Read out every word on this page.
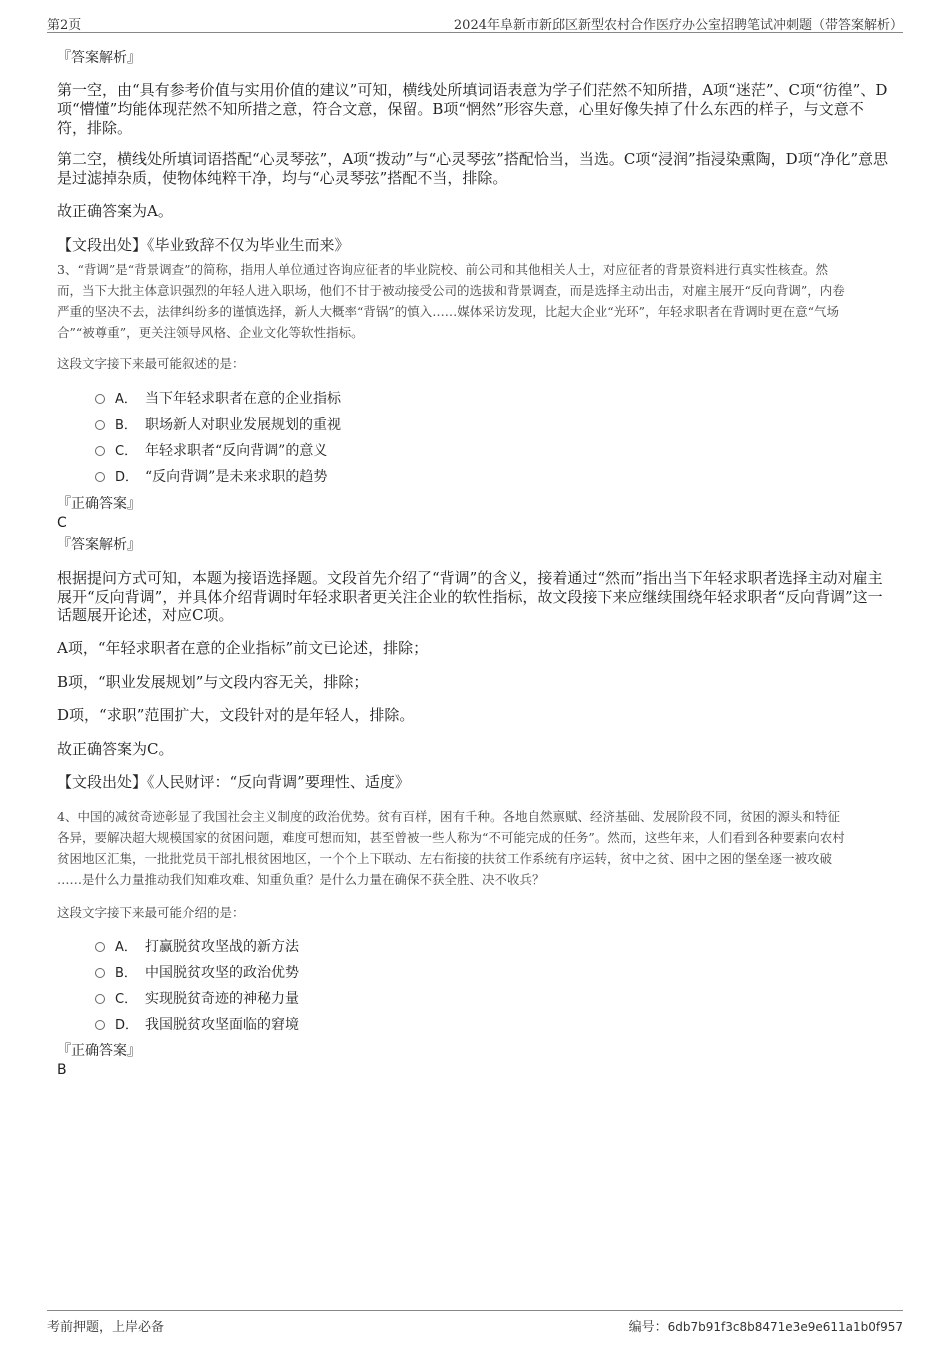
第2页	2024年阜新市新邱区新型农村合作医疗办公室招聘笔试冲刺题（带答案解析）
『答案解析』
第一空，由“具有参考价值与实用价值的建议”可知，横线处所填词语表意为学子们茫然不知所措，A项“迷茫”、C项“彷徨”、D
项“懵懂”均能体现茫然不知所措之意，符合文意，保留。B项“惘然”形容失意，心里好像失掉了什么东西的样子，与文意不
符，排除。
第二空，横线处所填词语搭配“心灵琴弦”，A项“拨动”与“心灵琴弦”搭配恰当，当选。C项“浸润”指浸染熏陶，D项“净化”意思
是过滤掉杂质，使物体纯粹干净，均与“心灵琴弦”搭配不当，排除。
故正确答案为A。
【文段出处】《毕业致辞不仅为毕业生而来》
3、“背调”是“背景调查”的简称，指用人单位通过咨询应征者的毕业院校、前公司和其他相关人士，对应征者的背景资料进行真实性核查。然
而，当下大批主体意识强烈的年轻人进入职场，他们不甘于被动接受公司的选拔和背景调查，而是选择主动出击，对雇主展开“反向背调”，内卷
严重的坚决不去，法律纠纷多的谨慎选择，新人大概率“背锅”的慎入……媒体采访发现，比起大企业“光环”，年轻求职者在背调时更在意“气场
合”“被尊重”，更关注领导风格、企业文化等软性指标。
这段文字接下来最可能叙述的是：
A． 当下年轻求职者在意的企业指标
B． 职场新人对职业发展规划的重视
C． 年轻求职者“反向背调”的意义
D． “反向背调”是未来求职的趋势
『正确答案』
C
『答案解析』
根据提问方式可知，本题为接语选择题。文段首先介绍了“背调”的含义，接着通过“然而”指出当下年轻求职者选择主动对雇主
展开“反向背调”，并具体介绍背调时年轻求职者更关注企业的软性指标，故文段接下来应继续围绕年轻求职者“反向背调”这一
话题展开论述，对应C项。
A项，“年轻求职者在意的企业指标”前文已论述，排除；
B项，“职业发展规划”与文段内容无关，排除；
D项，“求职”范围扩大，文段针对的是年轻人，排除。
故正确答案为C。
【文段出处】《人民财评：“反向背调”要理性、适度》
4、中国的减贫奇迹彰显了我国社会主义制度的政治优势。贫有百样，困有千种。各地自然禀赋、经济基础、发展阶段不同，贫困的源头和特征
各异，要解决超大规模国家的贫困问题，难度可想而知，甚至曾被一些人称为“不可能完成的任务”。然而，这些年来，人们看到各种要素向农村
贫困地区汇集，一批批党员干部扎根贫困地区，一个个上下联动、左右衔接的扶贫工作系统有序运转，贫中之贫、困中之困的堡垒逐一被攻破
……是什么力量推动我们知难攻难、知重负重？是什么力量在确保不获全胜、决不收兵？
这段文字接下来最可能介绍的是：
A． 打赢脱贫攻坚战的新方法
B． 中国脱贫攻坚的政治优势
C． 实现脱贫奇迹的神秘力量
D． 我国脱贫攻坚面临的窘境
『正确答案』
B
考前押题，上岸必备	编号：6db7b91f3c8b8471e3e9e611a1b0f957
